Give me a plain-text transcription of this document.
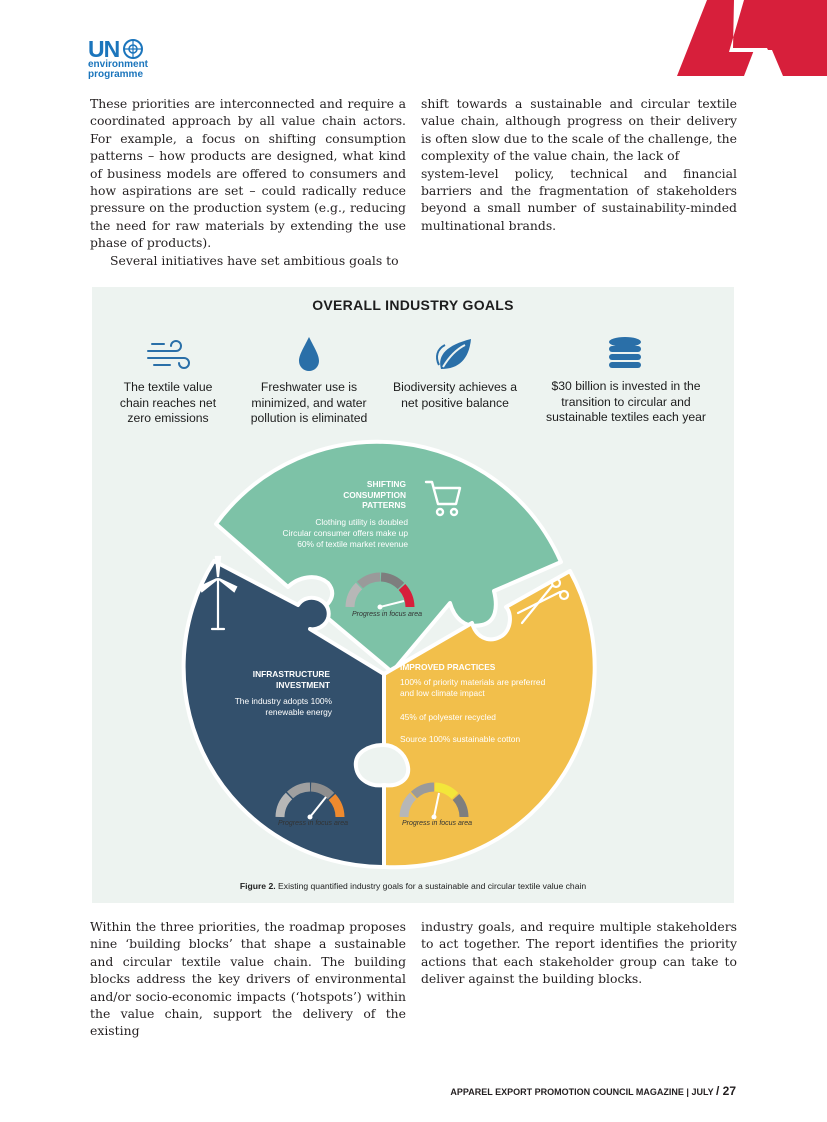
UN
environment
programme

These priorities are interconnected and require a coordinated approach by all value chain actors. For example, a focus on shifting consumption patterns – how products are designed, what kind of business models are offered to consumers and how aspirations are set – could radically reduce pressure on the production system (e.g., reducing the need for raw materials by extending the use phase of products).

Several initiatives have set ambitious goals to

shift towards a sustainable and circular textile value chain, although progress on their delivery is often slow due to the scale of the challenge, the complexity of the value chain, the lack of

system-level policy, technical and financial barriers and the fragmentation of stakeholders beyond a small number of sustainability-minded multinational brands.

OVERALL INDUSTRY GOALS
The textile value chain reaches net zero emissions
Freshwater use is minimized, and water pollution is eliminated
Biodiversity achieves a net positive balance
$30 billion is invested in the transition to circular and sustainable textiles each year
SHIFTING
CONSUMPTION
PATTERNS
Clothing utility is doubled
Circular consumer offers make up
60% of textile market revenue
Progress in focus area
INFRASTRUCTURE
INVESTMENT
The industry adopts 100%
renewable energy
Progress in focus area
IMPROVED PRACTICES
100% of priority materials are preferred
and low climate impact
45% of polyester recycled
Source 100% sustainable cotton
Progress in focus area
Figure 2. Existing quantified industry goals for a sustainable and circular textile value chain

Within the three priorities, the roadmap proposes nine ‘building blocks’ that shape a sustainable and circular textile value chain. The building blocks address the key drivers of environmental and/or socio-economic impacts (‘hotspots’) within the value chain, support the delivery of the existing

industry goals, and require multiple stakeholders to act together. The report identifies the priority actions that each stakeholder group can take to deliver against the building blocks.

APPAREL EXPORT PROMOTION COUNCIL MAGAZINE | JULY / 27
